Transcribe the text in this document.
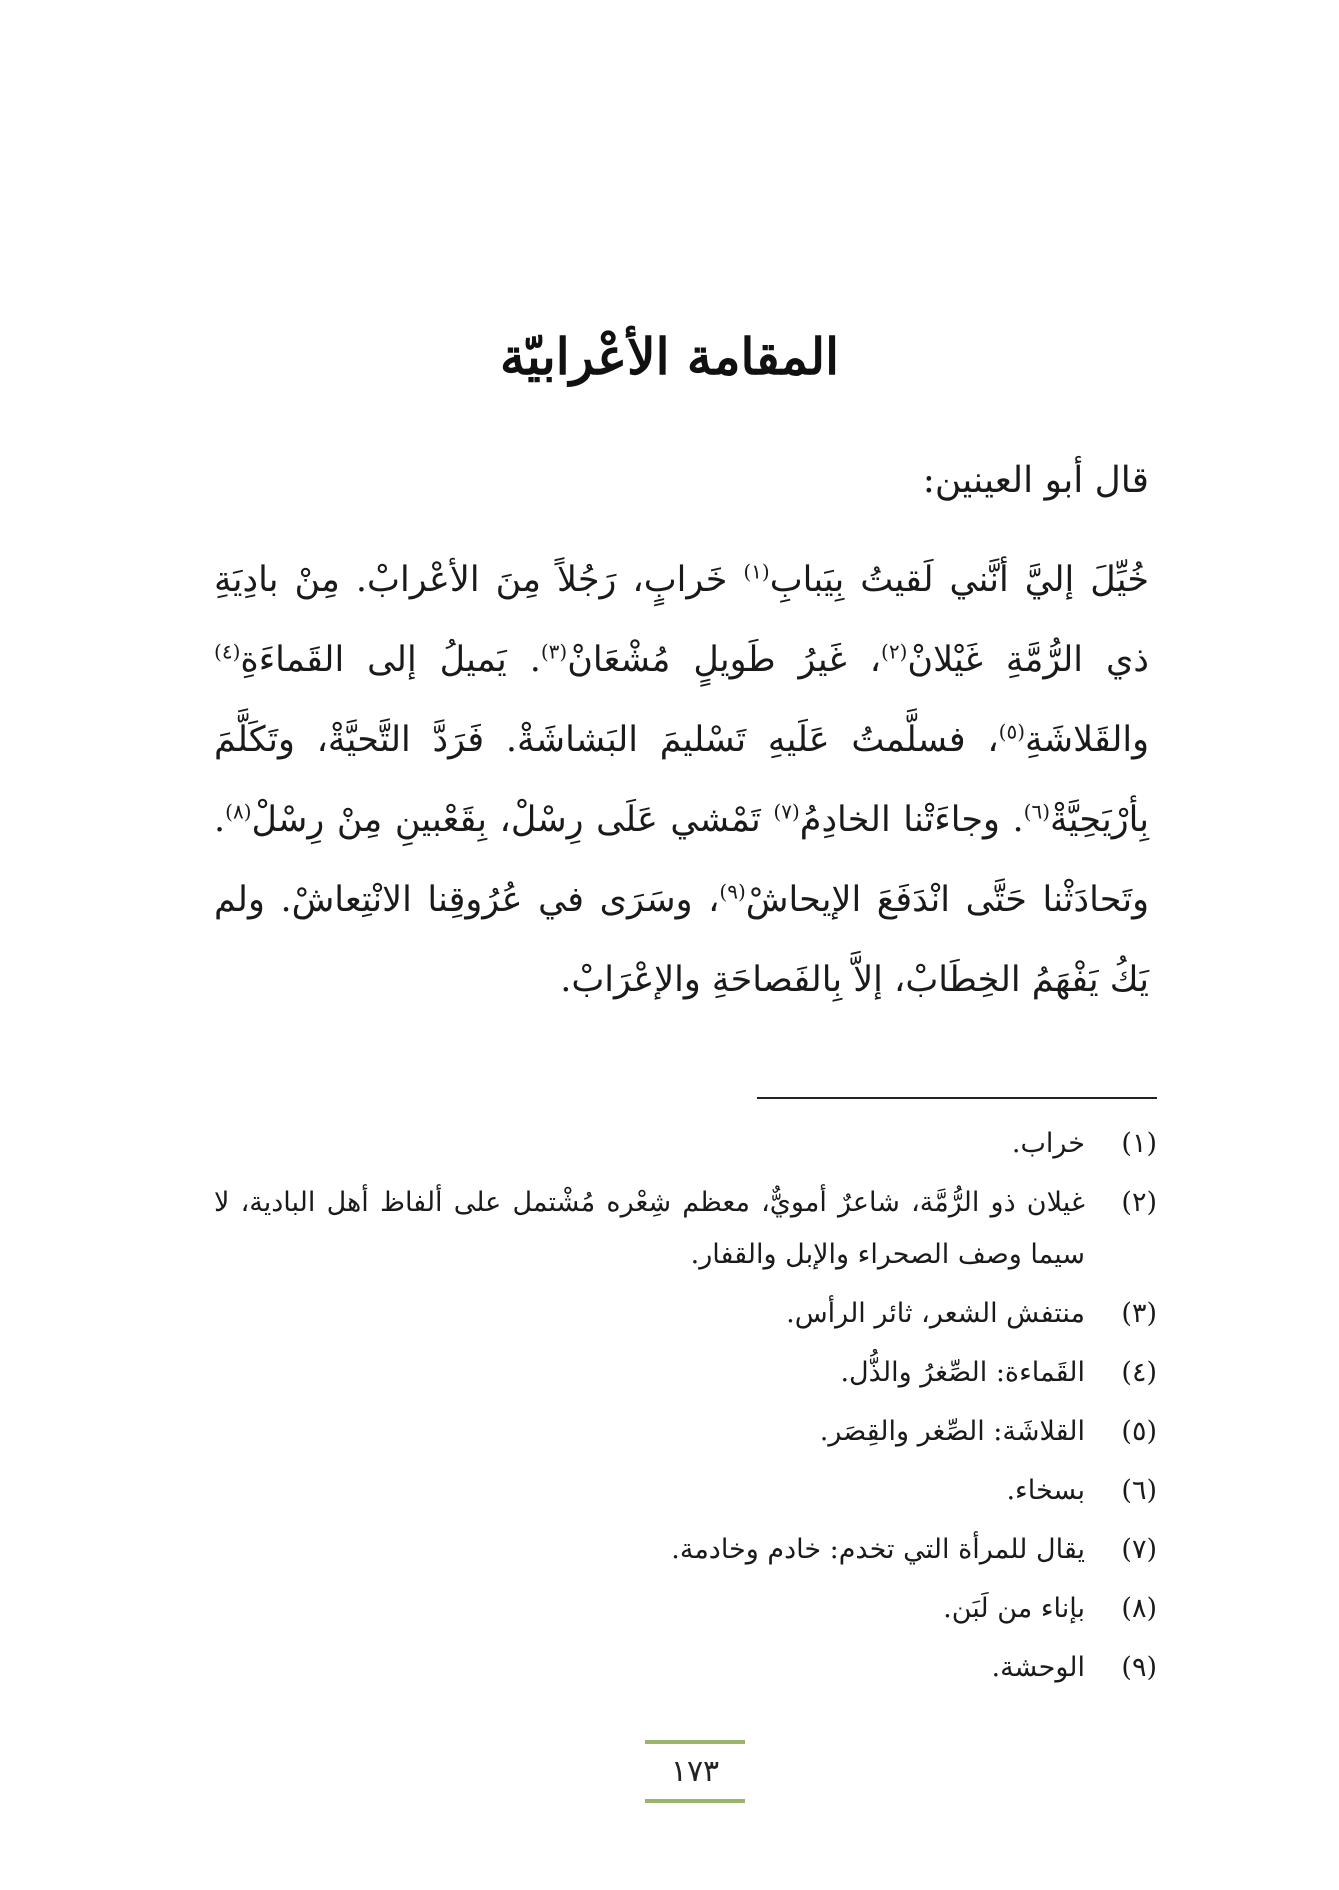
المقامة الأعْرابيّة

قال أبو العينين:

خُيِّلَ إليَّ أنَّني لَقيتُ بِيَبابِ$^{(١)}$ خَرابٍ، رَجُلاً مِنَ الأعْرابْ. مِنْ بادِيَةِ ذي الرُّمَّةِ غَيْلانْ$^{(٢)}$، غَيرُ طَويلٍ مُشْعَانْ$^{(٣)}$. يَميلُ إلى القَماءَةِ$^{(٤)}$ والقَلاشَةِ$^{(٥)}$، فسلَّمتُ عَلَيهِ تَسْليمَ البَشاشَةْ. فَرَدَّ التَّحيَّةْ، وتَكَلَّمَ بِأرْيَحِيَّةْ$^{(٦)}$. وجاءَتْنا الخادِمُ$^{(٧)}$ تَمْشي عَلَى رِسْلْ، بِقَعْبينِ مِنْ رِسْلْ$^{(٨)}$. وتَحادَثْنا حَتَّى انْدَفَعَ الإيحاشْ$^{(٩)}$، وسَرَى في عُرُوقِنا الانْتِعاشْ. ولم يَكُ يَفْهَمُ الخِطَابْ، إلاَّ بِالفَصاحَةِ والإعْرَابْ.

(١)
خراب.
(٢)
غيلان ذو الرُّمَّة، شاعرٌ أمويٌّ، معظم شِعْره مُشْتمل على ألفاظ أهل البادية، لا سيما وصف الصحراء والإبل والقفار.
(٣)
منتفش الشعر، ثائر الرأس.
(٤)
القَماءة: الصِّغرُ والذُّل.
(٥)
القلاشَة: الصِّغر والقِصَر.
(٦)
بسخاء.
(٧)
يقال للمرأة التي تخدم: خادم وخادمة.
(٨)
بإناء من لَبَن.
(٩)
الوحشة.
١٧٣
